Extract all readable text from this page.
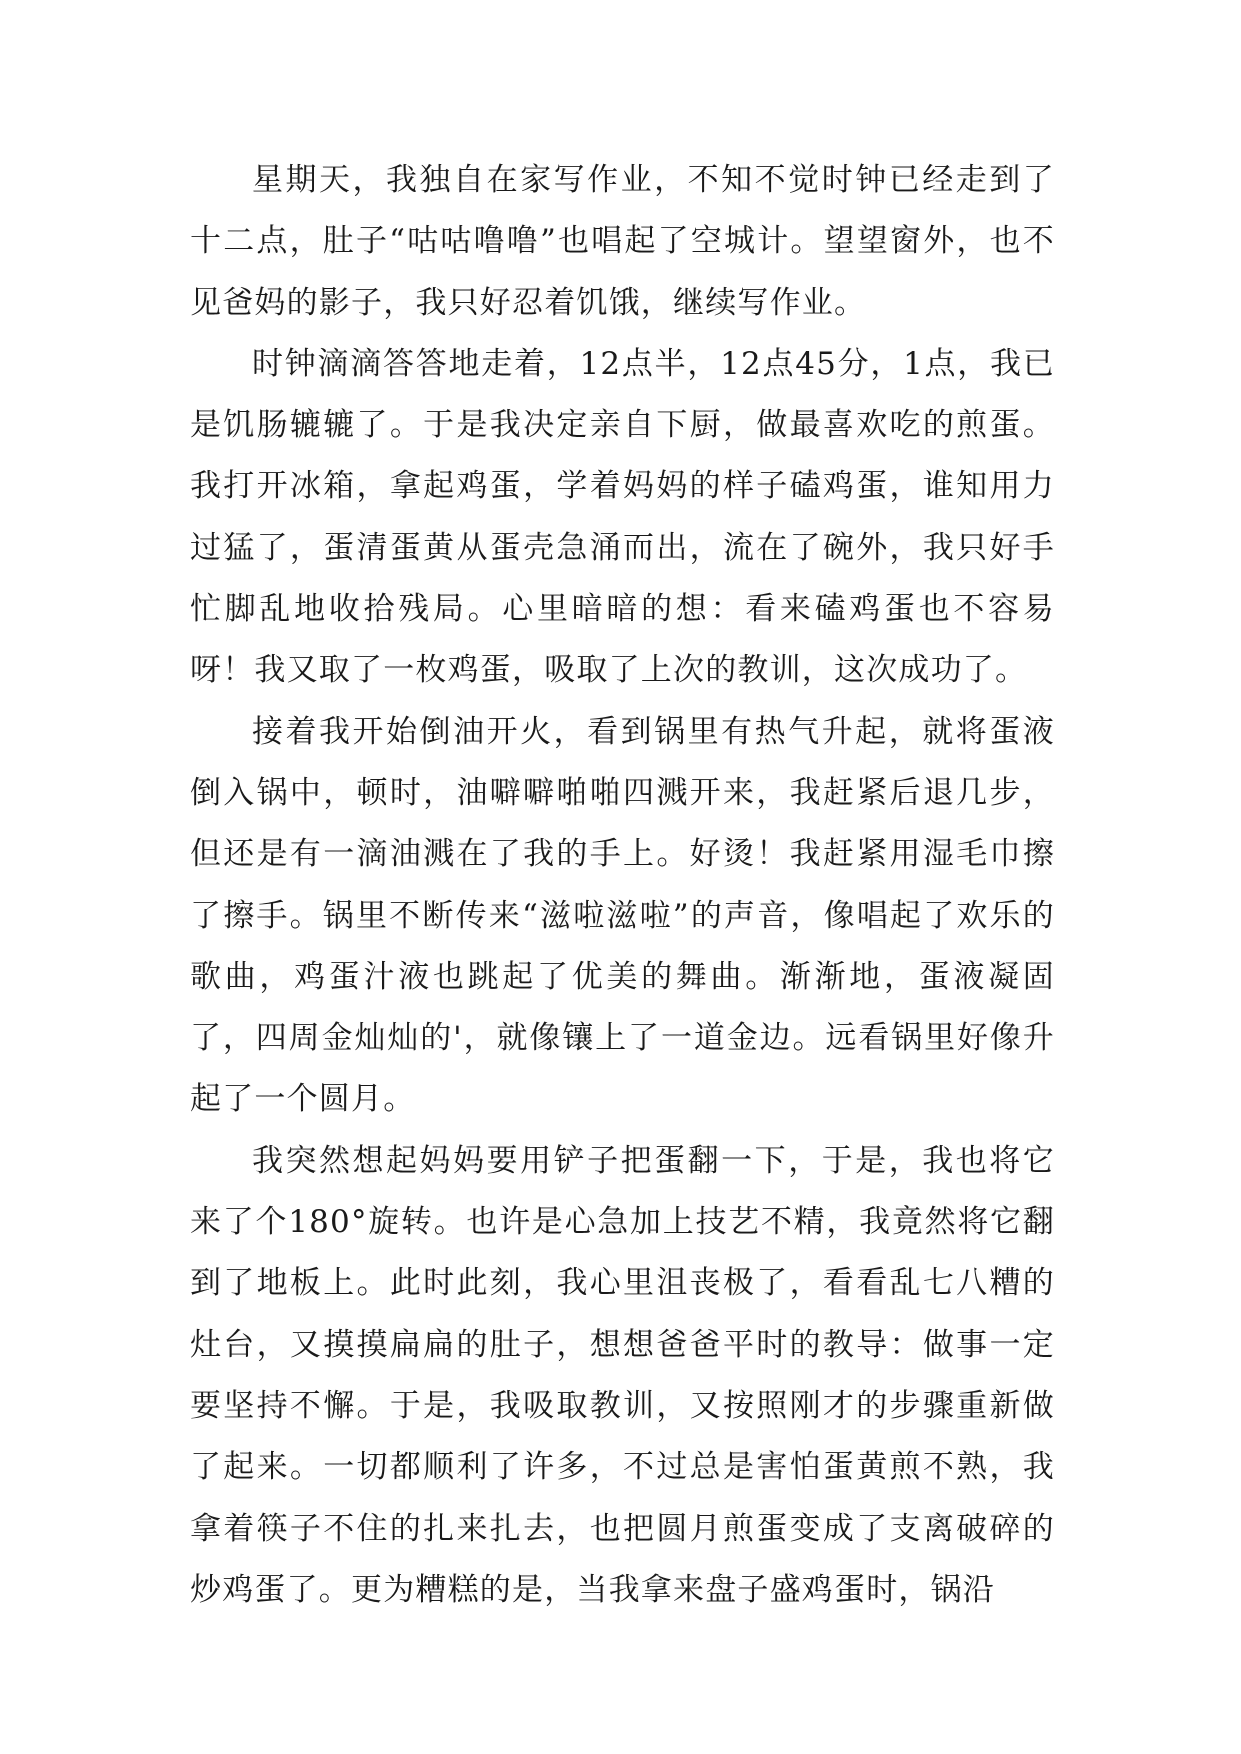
星期天，我独自在家写作业，不知不觉时钟已经走到了十二点，肚子“咕咕噜噜”也唱起了空城计。望望窗外，也不见爸妈的影子，我只好忍着饥饿，继续写作业。

时钟滴滴答答地走着，12点半，12点45分，1点，我已是饥肠辘辘了。于是我决定亲自下厨，做最喜欢吃的煎蛋。我打开冰箱，拿起鸡蛋，学着妈妈的样子磕鸡蛋，谁知用力过猛了，蛋清蛋黄从蛋壳急涌而出，流在了碗外，我只好手忙脚乱地收拾残局。心里暗暗的想：看来磕鸡蛋也不容易呀！我又取了一枚鸡蛋，吸取了上次的教训，这次成功了。

接着我开始倒油开火，看到锅里有热气升起，就将蛋液倒入锅中，顿时，油噼噼啪啪四溅开来，我赶紧后退几步，但还是有一滴油溅在了我的手上。好烫！我赶紧用湿毛巾擦了擦手。锅里不断传来“滋啦滋啦”的声音，像唱起了欢乐的歌曲，鸡蛋汁液也跳起了优美的舞曲。渐渐地，蛋液凝固了，四周金灿灿的'，就像镶上了一道金边。远看锅里好像升起了一个圆月。

我突然想起妈妈要用铲子把蛋翻一下，于是，我也将它来了个180°旋转。也许是心急加上技艺不精，我竟然将它翻到了地板上。此时此刻，我心里沮丧极了，看看乱七八糟的灶台，又摸摸扁扁的肚子，想想爸爸平时的教导：做事一定要坚持不懈。于是，我吸取教训，又按照刚才的步骤重新做了起来。一切都顺利了许多，不过总是害怕蛋黄煎不熟，我拿着筷子不住的扎来扎去，也把圆月煎蛋变成了支离破碎的炒鸡蛋了。更为糟糕的是，当我拿来盘子盛鸡蛋时，锅沿
